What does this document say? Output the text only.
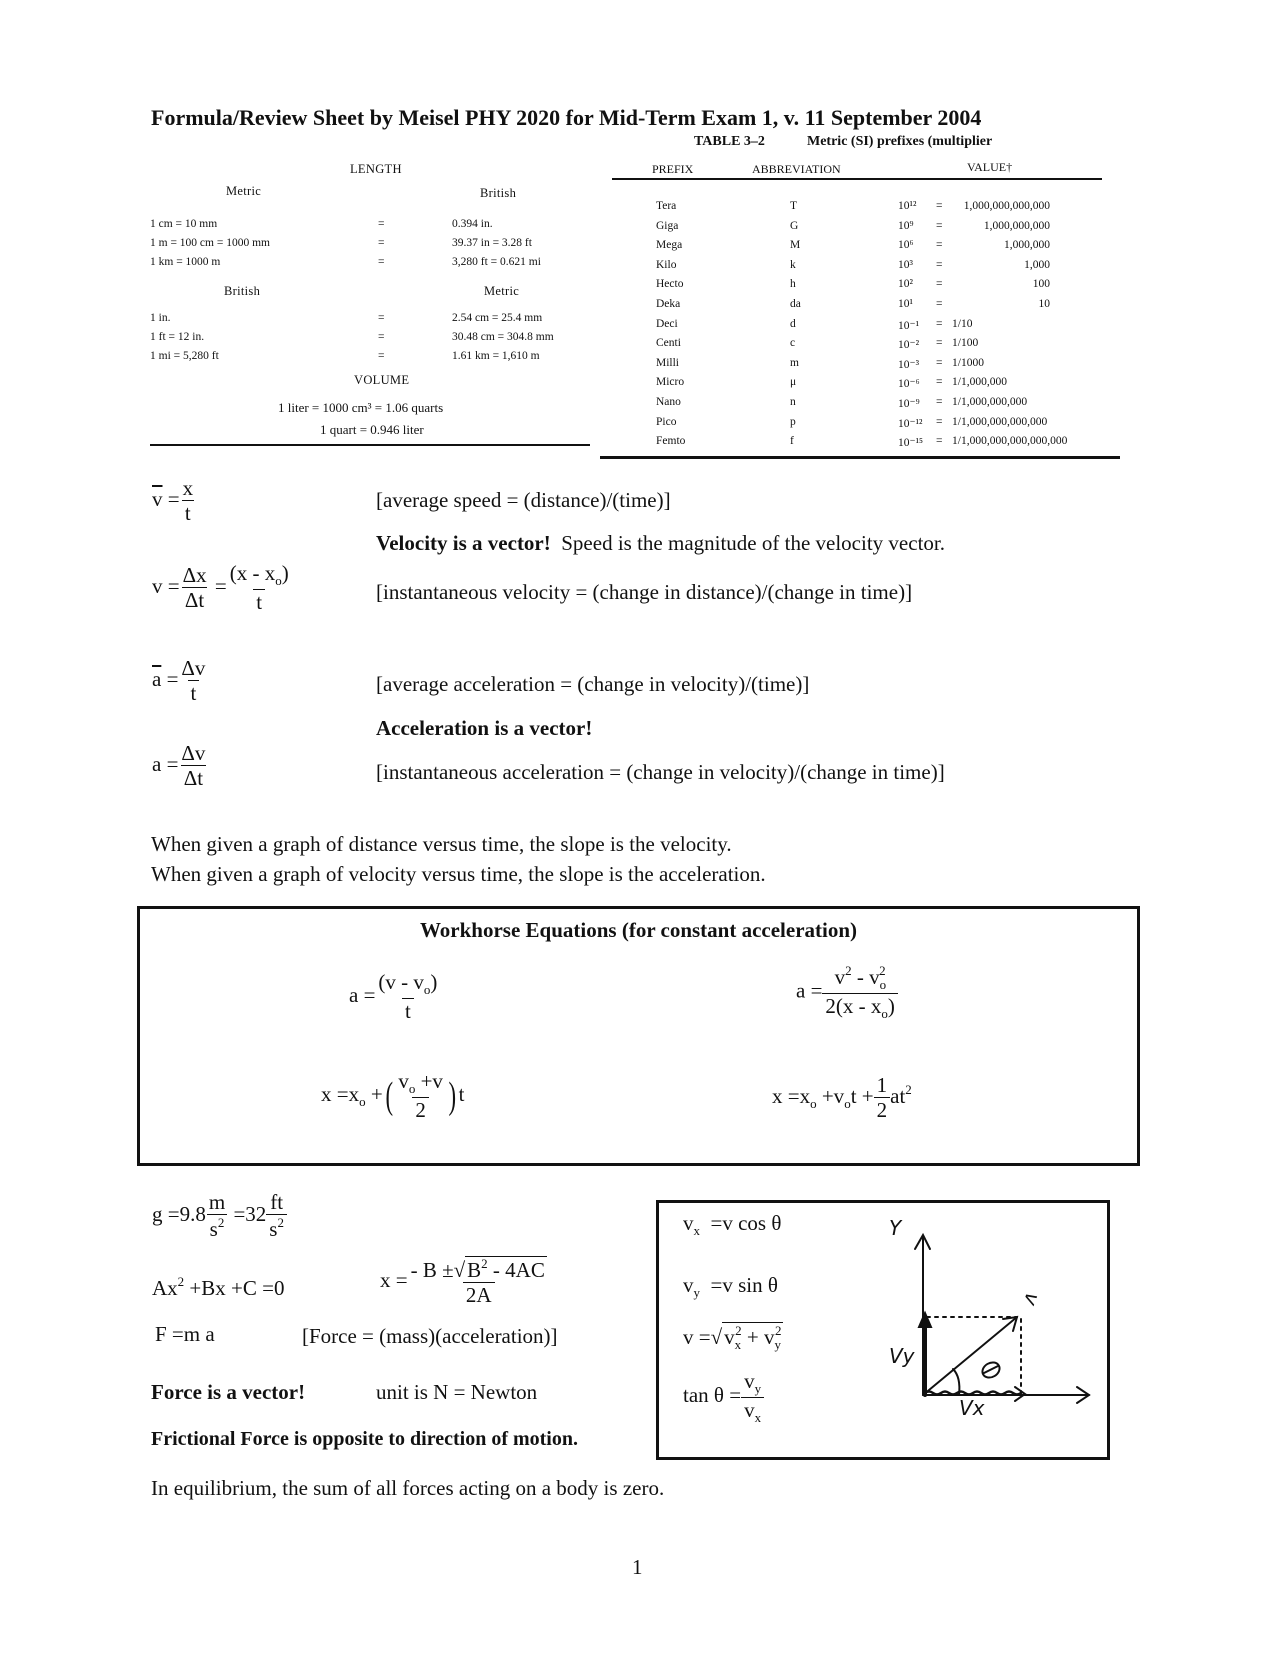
Formula/Review Sheet by Meisel PHY 2020 for Mid-Term Exam 1, v. 11 September 2004
LENGTH
Metric	British
1 cm = 10 mm	=	0.394 in.
1 m = 100 cm = 1000 mm	=	39.37 in = 3.28 ft
1 km = 1000 m	=	3,280 ft = 0.621 mi
British	Metric
1 in.	=	2.54 cm = 25.4 mm
1 ft = 12 in.	=	30.48 cm = 304.8 mm
1 mi = 5,280 ft	=	1.61 km = 1,610 m
VOLUME
1 liter = 1000 cm³ = 1.06 quarts
1 quart = 0.946 liter
TABLE 3–2	Metric (SI) prefixes (multiplier
PREFIX	ABBREVIATION	VALUE†
Tera	T	10¹² = 1,000,000,000,000
Giga	G	10⁹ =	1,000,000,000
Mega	M	10⁶ =	1,000,000
Kilo	k	10³ =	1,000
Hecto	h	10² =	100
Deka	da	10¹ =	10
Deci	d	10⁻¹ = 1/10
Centi	c	10⁻² = 1/100
Milli	m	10⁻³ = 1/1000
Micro	μ	10⁻⁶ = 1/1,000,000
Nano	n	10⁻⁹ = 1/1,000,000,000
Pico	p	10⁻¹² = 1/1,000,000,000,000
Femto	f	10⁻¹⁵ = 1/1,000,000,000,000,000
$\overline{v} = \frac{x}{t}$	[average speed = (distance)/(time)]
Velocity is a vector! Speed is the magnitude of the velocity vector.
$v = \frac{\Delta x}{\Delta t} = \frac{(x - x_o)}{t}$	[instantaneous velocity = (change in distance)/(change in time)]
$\overline{a} = \frac{\Delta v}{t}$	[average acceleration = (change in velocity)/(time)]
Acceleration is a vector!
$a = \frac{\Delta v}{\Delta t}$	[instantaneous acceleration = (change in velocity)/(change in time)]
When given a graph of distance versus time, the slope is the velocity.
When given a graph of velocity versus time, the slope is the acceleration.
Workhorse Equations (for constant acceleration)
$a = \frac{(v - v_o)}{t}$	$a = \frac{v^2 - v_o^2}{2(x - x_o)}$
$x =x_o$ +( $\frac{v_o +v}{2}$ ) t	$x =x_o +v_ot + \frac{1}{2} at^2$
$g =9.8 \frac{m}{s^2} =32 \frac{ft}{s^2}$
$Ax^2 +Bx +C =0$	$x = \frac{- B \pm√B^2 - 4AC}{2A}$
F =m a	[Force = (mass)(acceleration)]
Force is a vector!	unit is N = Newton
Frictional Force is opposite to direction of motion.
In equilibrium, the sum of all forces acting on a body is zero.
$v_x =v$ cos θ
$v_y =v$ sin θ
$v =√v_x^2 + v_y^2$
$\tan \theta = \frac{v_y}{v_x}$
Y
v
Vy
Vx
1
